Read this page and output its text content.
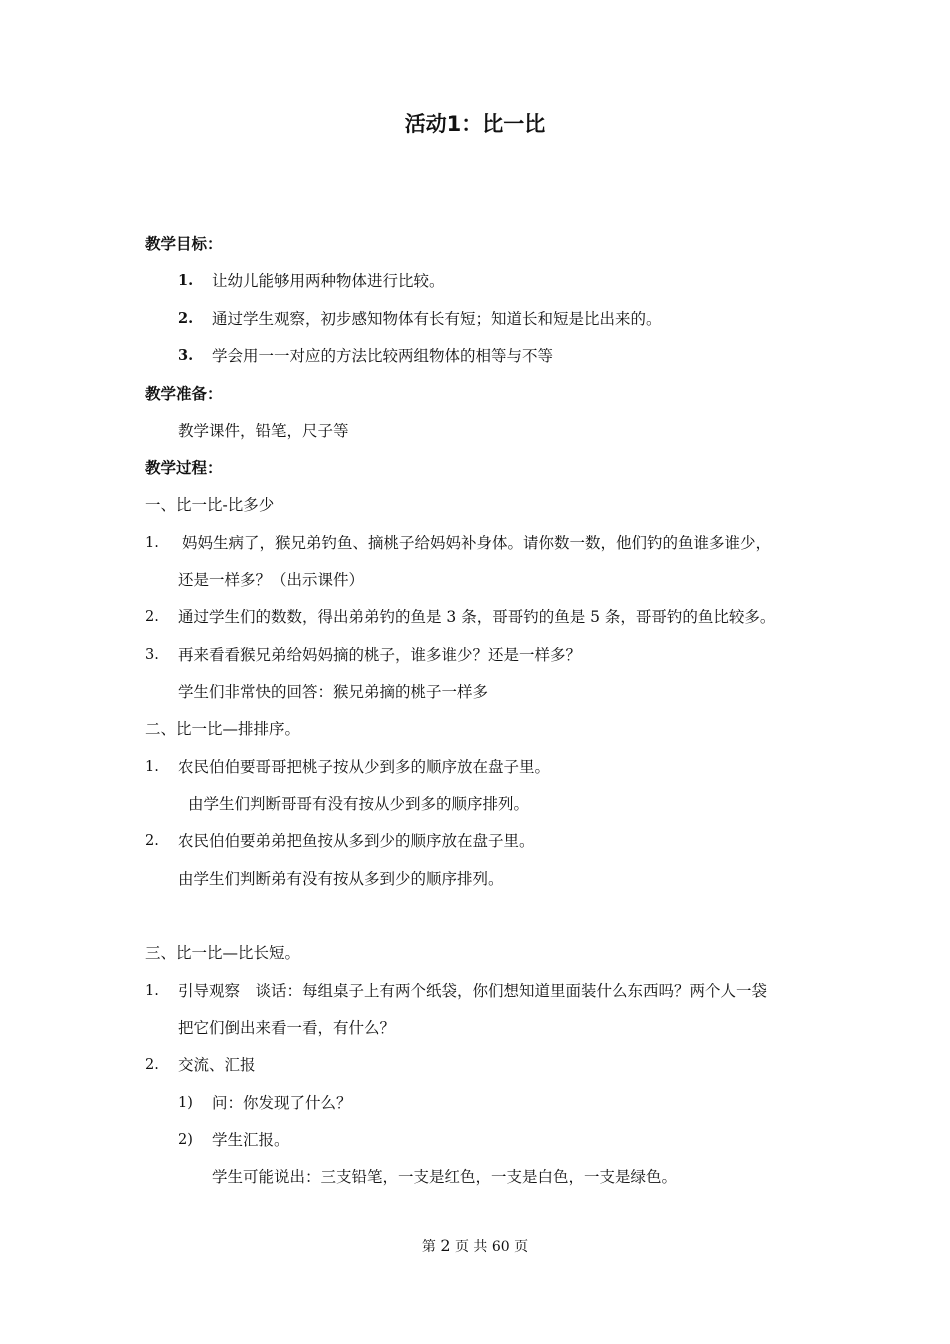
活动1：比一比
教学目标：
1. 让幼儿能够用两种物体进行比较。
2. 通过学生观察，初步感知物体有长有短；知道长和短是比出来的。
3. 学会用一一对应的方法比较两组物体的相等与不等
教学准备：
教学课件，铅笔，尺子等
教学过程：
一、比一比-比多少
1. 妈妈生病了，猴兄弟钓鱼、摘桃子给妈妈补身体。请你数一数，他们钓的鱼谁多谁少，
还是一样多？（出示课件）
2. 通过学生们的数数，得出弟弟钓的鱼是 3 条，哥哥钓的鱼是 5 条，哥哥钓的鱼比较多。
3. 再来看看猴兄弟给妈妈摘的桃子，谁多谁少？还是一样多？
学生们非常快的回答：猴兄弟摘的桃子一样多
二、比一比—排排序。
1. 农民伯伯要哥哥把桃子按从少到多的顺序放在盘子里。
由学生们判断哥哥有没有按从少到多的顺序排列。
2. 农民伯伯要弟弟把鱼按从多到少的顺序放在盘子里。
由学生们判断弟有没有按从多到少的顺序排列。
三、比一比—比长短。
1. 引导观察　谈话：每组桌子上有两个纸袋，你们想知道里面装什么东西吗？两个人一袋
把它们倒出来看一看，有什么？
2. 交流、汇报
1) 问：你发现了什么？
2) 学生汇报。
学生可能说出：三支铅笔，一支是红色，一支是白色，一支是绿色。
第 2 页 共 60 页
